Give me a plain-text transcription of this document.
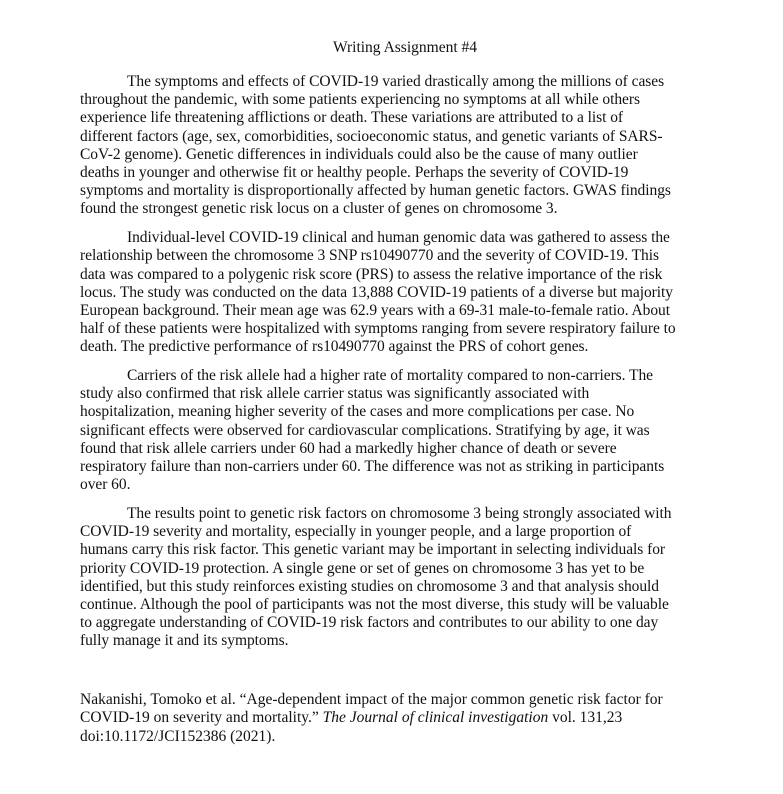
Writing Assignment #4
The symptoms and effects of COVID-19 varied drastically among the millions of cases
throughout the pandemic, with some patients experiencing no symptoms at all while others
experience life threatening afflictions or death. These variations are attributed to a list of
different factors (age, sex, comorbidities, socioeconomic status, and genetic variants of SARS-
CoV-2 genome). Genetic differences in individuals could also be the cause of many outlier
deaths in younger and otherwise fit or healthy people. Perhaps the severity of COVID-19
symptoms and mortality is disproportionally affected by human genetic factors. GWAS findings
found the strongest genetic risk locus on a cluster of genes on chromosome 3.
Individual-level COVID-19 clinical and human genomic data was gathered to assess the
relationship between the chromosome 3 SNP rs10490770 and the severity of COVID-19. This
data was compared to a polygenic risk score (PRS) to assess the relative importance of the risk
locus. The study was conducted on the data 13,888 COVID-19 patients of a diverse but majority
European background. Their mean age was 62.9 years with a 69-31 male-to-female ratio. About
half of these patients were hospitalized with symptoms ranging from severe respiratory failure to
death. The predictive performance of rs10490770 against the PRS of cohort genes.
Carriers of the risk allele had a higher rate of mortality compared to non-carriers. The
study also confirmed that risk allele carrier status was significantly associated with
hospitalization, meaning higher severity of the cases and more complications per case. No
significant effects were observed for cardiovascular complications. Stratifying by age, it was
found that risk allele carriers under 60 had a markedly higher chance of death or severe
respiratory failure than non-carriers under 60. The difference was not as striking in participants
over 60.
The results point to genetic risk factors on chromosome 3 being strongly associated with
COVID-19 severity and mortality, especially in younger people, and a large proportion of
humans carry this risk factor. This genetic variant may be important in selecting individuals for
priority COVID-19 protection. A single gene or set of genes on chromosome 3 has yet to be
identified, but this study reinforces existing studies on chromosome 3 and that analysis should
continue. Although the pool of participants was not the most diverse, this study will be valuable
to aggregate understanding of COVID-19 risk factors and contributes to our ability to one day
fully manage it and its symptoms.
Nakanishi, Tomoko et al. “Age-dependent impact of the major common genetic risk factor for
COVID-19 on severity and mortality.” The Journal of clinical investigation vol. 131,23
doi:10.1172/JCI152386 (2021).
